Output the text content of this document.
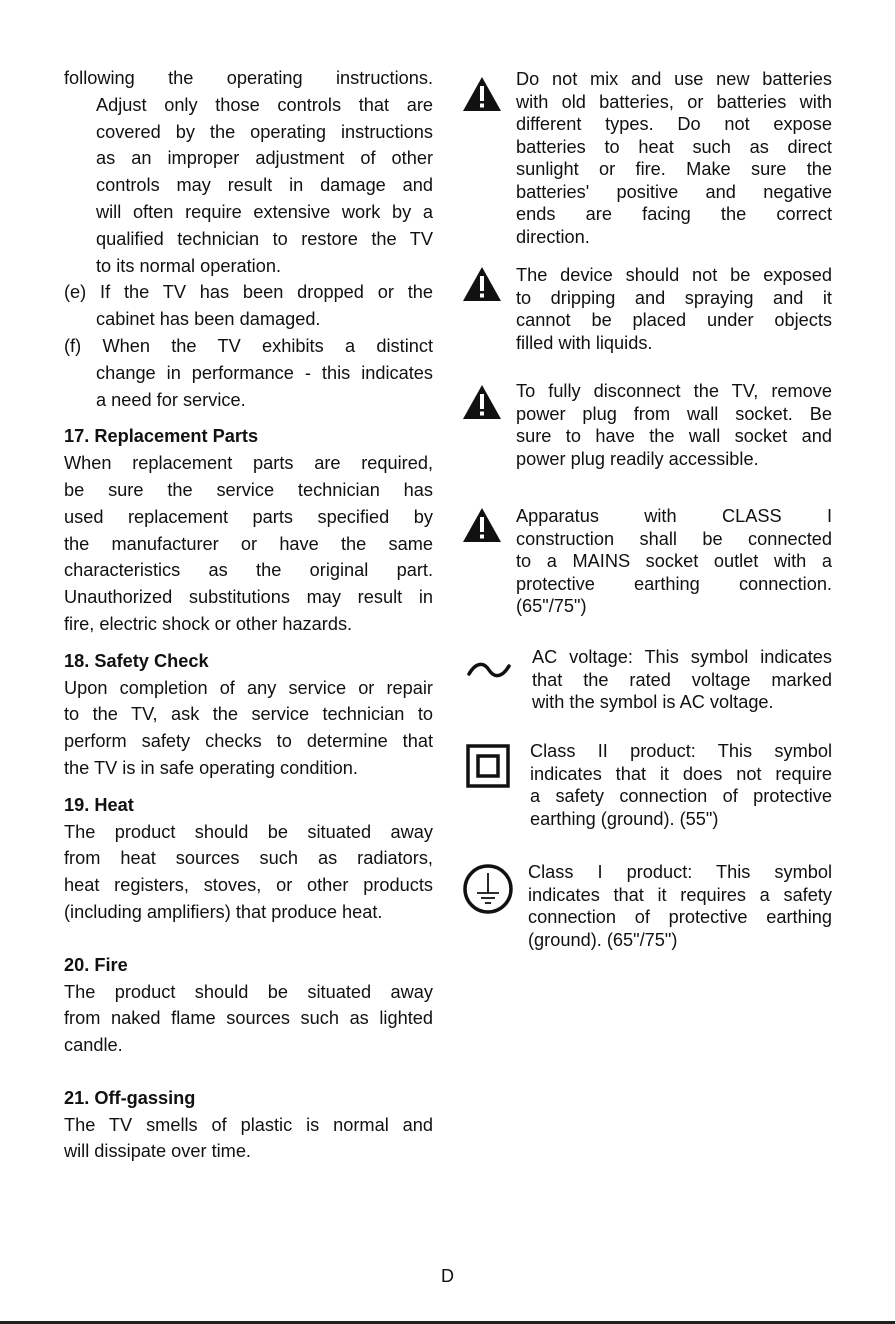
following the operating instructions.

Adjust only those controls that are

covered by the operating instructions

as an improper adjustment of other

controls may result in damage and

will often require extensive work by a

qualified technician to restore the TV

to its normal operation.

(e) If the TV has been dropped or the

cabinet has been damaged.

(f) When the TV exhibits a distinct

change in performance - this indicates

a need for service.

17. Replacement Parts

When replacement parts are required,

be sure the service technician has

used replacement parts specified by

the manufacturer or have the same

characteristics as the original part.

Unauthorized substitutions may result in

fire, electric shock or other hazards.

18. Safety Check

Upon completion of any service or repair

to the TV, ask the service technician to

perform safety checks to determine that

the TV is in safe operating condition.

19. Heat

The product should be situated away

from heat sources such as radiators,

heat registers, stoves, or other products

(including amplifiers) that produce heat.

20. Fire

The product should be situated away

from naked flame sources such as lighted

candle.

21. Off-gassing

The TV smells of plastic is normal and

will dissipate over time.

Do not mix and use new batteries

with old batteries, or batteries with

different types. Do not expose

batteries to heat such as direct

sunlight or fire. Make sure the

batteries' positive and negative

ends are facing the correct

direction.

The device should not be exposed

to dripping and spraying and it

cannot be placed under objects

filled with liquids.

To fully disconnect the TV, remove

power plug from wall socket. Be

sure to have the wall socket and

power plug readily accessible.

Apparatus with CLASS I

construction shall be connected

to a MAINS socket outlet with a

protective earthing connection.

(65"/75")

AC voltage: This symbol indicates

that the rated voltage marked

with the symbol is AC voltage.

Class II product: This symbol

indicates that it does not require

a safety connection of protective

earthing (ground). (55")

Class I product: This symbol

indicates that it requires a safety

connection of protective earthing

(ground). (65"/75")

D
